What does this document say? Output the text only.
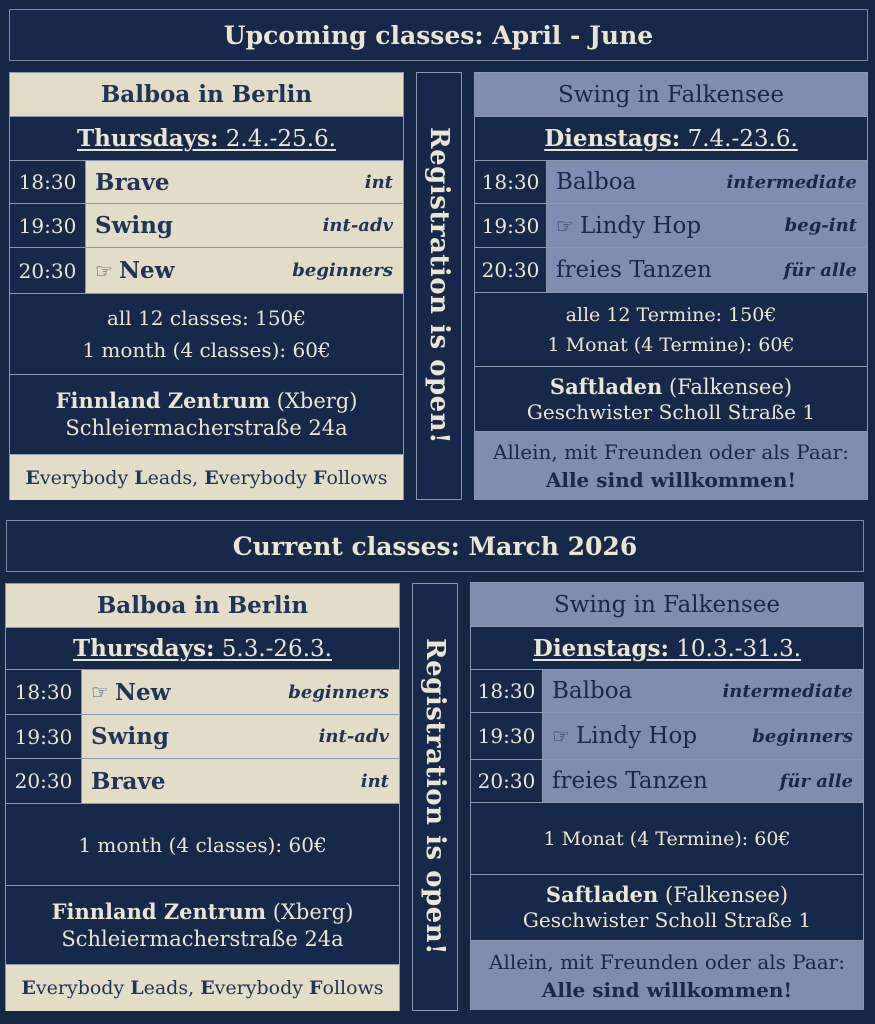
Upcoming classes: April - June
Balboa in Berlin
Thursdays: 2.4.-25.6.
18:30 Brave	int
19:30 Swing	int-adv
20:30 ☞ New	beginners
all 12 classes: 150€
1 month (4 classes): 60€
Finnland Zentrum (Xberg)
Schleiermacherstraße 24a
Everybody Leads, Everybody Follows
Registration is open!
Swing in Falkensee
Dienstags: 7.4.-23.6.
18:30 Balboa	intermediate
19:30 ☞ Lindy Hop	beg-int
20:30 freies Tanzen	für alle
alle 12 Termine: 150€
1 Monat (4 Termine): 60€
Saftladen (Falkensee)
Geschwister Scholl Straße 1
Allein, mit Freunden oder als Paar:
Alle sind willkommen!
Current classes: March 2026
Balboa in Berlin
Thursdays: 5.3.-26.3.
18:30 ☞ New	beginners
19:30 Swing	int-adv
20:30 Brave	int
1 month (4 classes): 60€
Finnland Zentrum (Xberg)
Schleiermacherstraße 24a
Everybody Leads, Everybody Follows
Registration is open!
Swing in Falkensee
Dienstags: 10.3.-31.3.
18:30 Balboa	intermediate
19:30 ☞ Lindy Hop	beginners
20:30 freies Tanzen	für alle
1 Monat (4 Termine): 60€
Saftladen (Falkensee)
Geschwister Scholl Straße 1
Allein, mit Freunden oder als Paar:
Alle sind willkommen!
